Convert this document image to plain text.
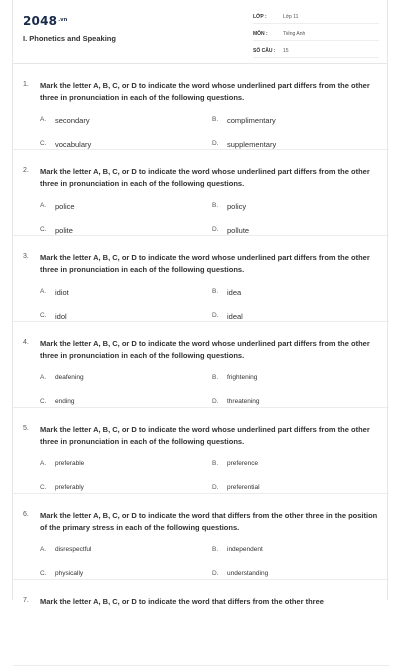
$2048^{.vn}$
I. Phonetics and Speaking
LỚP :	Lớp 11
MÔN :	Tiếng Anh
SỐ CÂU :	15
1.	Mark the letter A, B, C, or D to indicate the word whose underlined part differs from the other three in pronunciation in each of the following questions.
A.	secondary	B.	complimentary
C.	vocabulary	D.	supplementary
2.	Mark the letter A, B, C, or D to indicate the word whose underlined part differs from the other three in pronunciation in each of the following questions.
A.	police	B.	policy
C.	polite	D.	pollute
3.	Mark the letter A, B, C, or D to indicate the word whose underlined part differs from the other three in pronunciation in each of the following questions.
A.	idiot	B.	idea
C.	idol	D.	ideal
4.	Mark the letter A, B, C, or D to indicate the word whose underlined part differs from the other three in pronunciation in each of the following questions.
A.	deafening	B.	frightening
C.	ending	D.	threatening
5.	Mark the letter A, B, C, or D to indicate the word whose underlined part differs from the other three in pronunciation in each of the following questions.
A.	preferable	B.	preference
C.	preferably	D.	preferential
6.	Mark the letter A, B, C, or D to indicate the word that differs from the other three in the position of the primary stress in each of the following questions.
A.	disrespectful	B.	independent
C.	physically	D.	understanding
7.	Mark the letter A, B, C, or D to indicate the word that differs from the other three
